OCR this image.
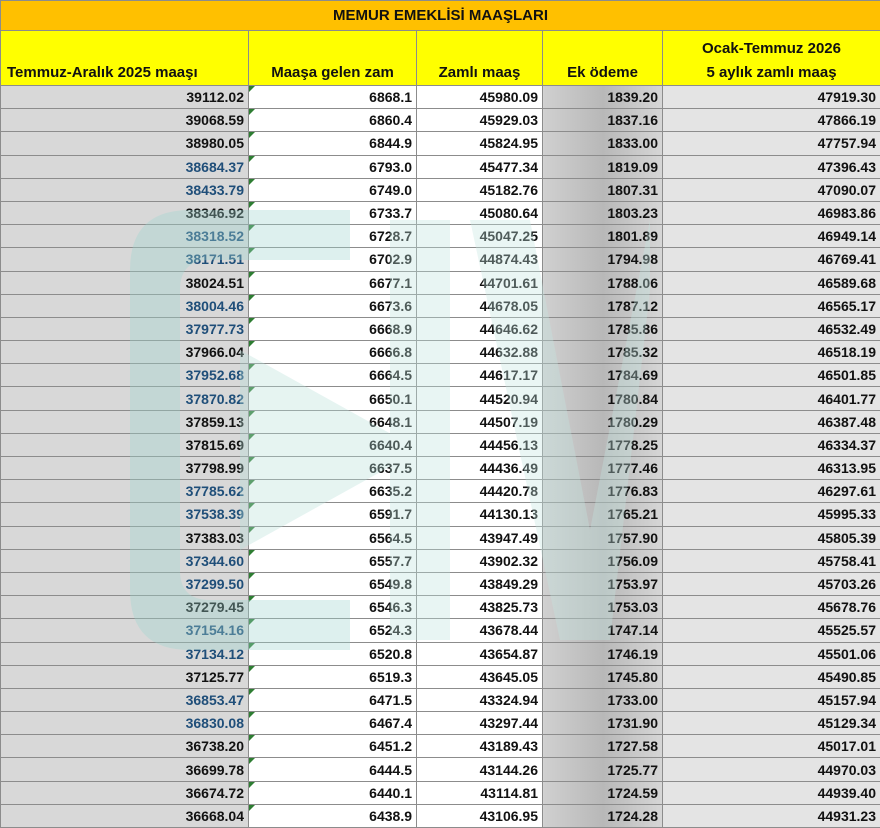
MEMUR EMEKLİSİ MAAŞLARI				
Temmuz-Aralık 2025 maaşı	Maaşa gelen zam	Zamlı maaş	Ek ödeme	Ocak-Temmuz 2026
5 aylık zamlı maaş
39112.02	6868.1	45980.09	1839.20	47919.30
39068.59	6860.4	45929.03	1837.16	47866.19
38980.05	6844.9	45824.95	1833.00	47757.94
38684.37	6793.0	45477.34	1819.09	47396.43
38433.79	6749.0	45182.76	1807.31	47090.07
38346.92	6733.7	45080.64	1803.23	46983.86
38318.52	6728.7	45047.25	1801.89	46949.14
38171.51	6702.9	44874.43	1794.98	46769.41
38024.51	6677.1	44701.61	1788.06	46589.68
38004.46	6673.6	44678.05	1787.12	46565.17
37977.73	6668.9	44646.62	1785.86	46532.49
37966.04	6666.8	44632.88	1785.32	46518.19
37952.68	6664.5	44617.17	1784.69	46501.85
37870.82	6650.1	44520.94	1780.84	46401.77
37859.13	6648.1	44507.19	1780.29	46387.48
37815.69	6640.4	44456.13	1778.25	46334.37
37798.99	6637.5	44436.49	1777.46	46313.95
37785.62	6635.2	44420.78	1776.83	46297.61
37538.39	6591.7	44130.13	1765.21	45995.33
37383.03	6564.5	43947.49	1757.90	45805.39
37344.60	6557.7	43902.32	1756.09	45758.41
37299.50	6549.8	43849.29	1753.97	45703.26
37279.45	6546.3	43825.73	1753.03	45678.76
37154.16	6524.3	43678.44	1747.14	45525.57
37134.12	6520.8	43654.87	1746.19	45501.06
37125.77	6519.3	43645.05	1745.80	45490.85
36853.47	6471.5	43324.94	1733.00	45157.94
36830.08	6467.4	43297.44	1731.90	45129.34
36738.20	6451.2	43189.43	1727.58	45017.01
36699.78	6444.5	43144.26	1725.77	44970.03
36674.72	6440.1	43114.81	1724.59	44939.40
36668.04	6438.9	43106.95	1724.28	44931.23
